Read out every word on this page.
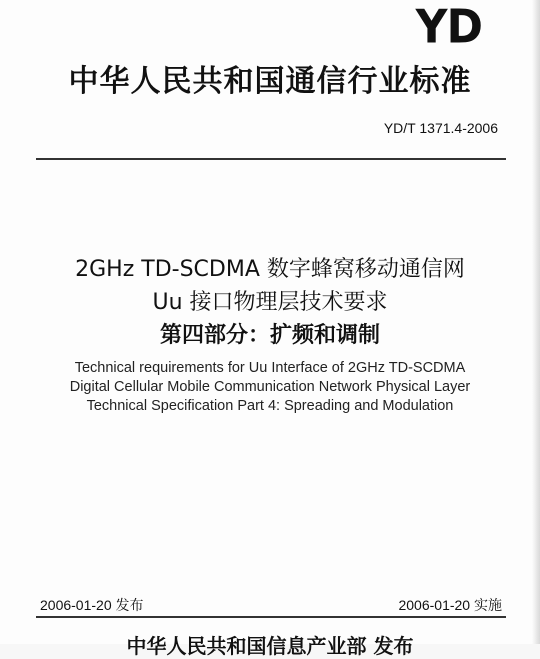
YD
中华人民共和国通信行业标准
YD/T 1371.4-2006
2GHz TD-SCDMA 数字蜂窝移动通信网
Uu 接口物理层技术要求
第四部分：扩频和调制
Technical requirements for Uu Interface of 2GHz TD-SCDMA
Digital Cellular Mobile Communication Network Physical Layer
Technical Specification Part 4: Spreading and Modulation
2006-01-20 发布	2006-01-20 实施
中华人民共和国信息产业部 发布
